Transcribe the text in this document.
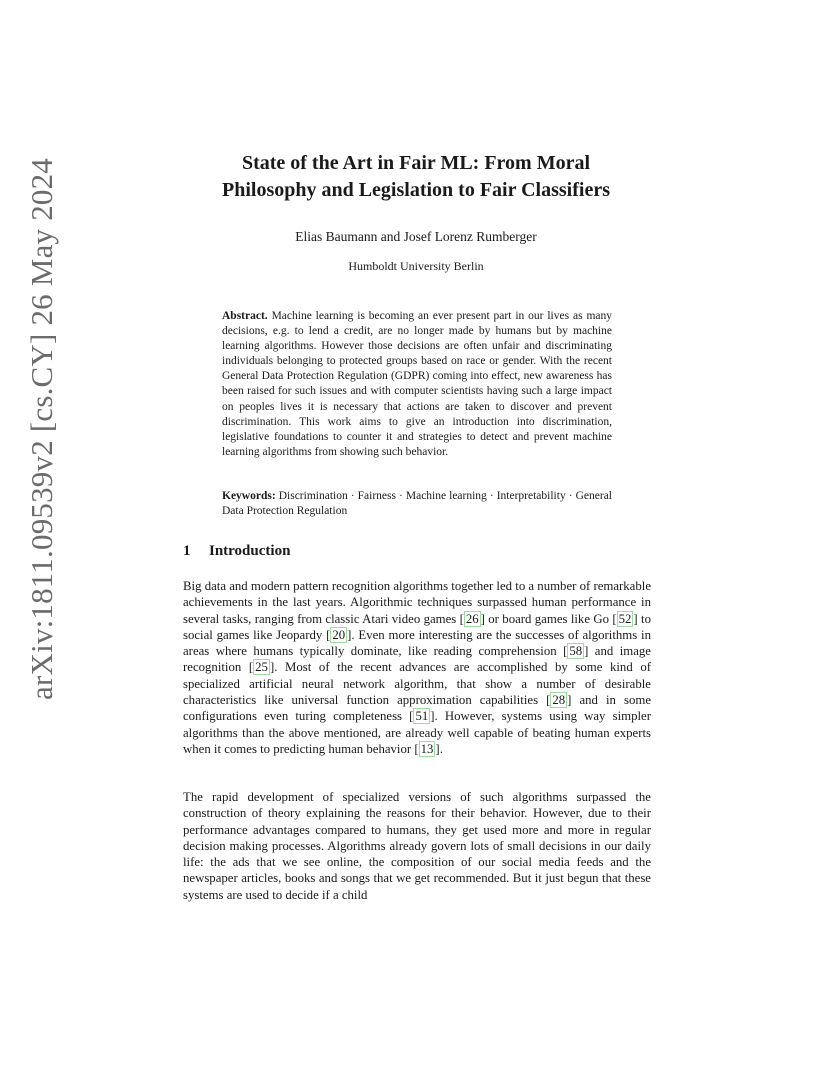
arXiv:1811.09539v2 [cs.CY] 26 May 2024	State of the Art in Fair ML: From Moral
Philosophy and Legislation to Fair Classifiers
Elias Baumann and Josef Lorenz Rumberger
Humboldt University Berlin

Abstract. Machine learning is becoming an ever present part in our lives as many decisions, e.g. to lend a credit, are no longer made by humans but by machine learning algorithms. However those decisions are often unfair and discriminating individuals belonging to protected groups based on race or gender. With the recent General Data Protection Regulation (GDPR) coming into effect, new awareness has been raised for such issues and with computer scientists having such a large impact on peoples lives it is necessary that actions are taken to discover and prevent discrimination. This work aims to give an introduction into discrimination, legislative foundations to counter it and strategies to detect and prevent machine learning algorithms from showing such behavior.

Keywords: Discrimination · Fairness · Machine learning · Interpretability · General Data Protection Regulation

1 Introduction

Big data and modern pattern recognition algorithms together led to a number of remarkable achievements in the last years. Algorithmic techniques surpassed human performance in several tasks, ranging from classic Atari video games [ 26 ] or board games like Go [ 52 ] to social games like Jeopardy [ 20 ]. Even more interesting are the successes of algorithms in areas where humans typically dominate, like reading comprehension [ 58 ] and image recognition [ 25 ]. Most of the recent advances are accomplished by some kind of specialized artificial neural network algorithm, that show a number of desirable characteristics like universal function approximation capabilities [ 28 ] and in some configurations even turing completeness [ 51 ]. However, systems using way simpler algorithms than the above mentioned, are already well capable of beating human experts when it comes to predicting human behavior [ 13 ].

The rapid development of specialized versions of such algorithms surpassed the construction of theory explaining the reasons for their behavior. However, due to their performance advantages compared to humans, they get used more and more in regular decision making processes. Algorithms already govern lots of small decisions in our daily life: the ads that we see online, the composition of our social media feeds and the newspaper articles, books and songs that we get recommended. But it just begun that these systems are used to decide if a child
